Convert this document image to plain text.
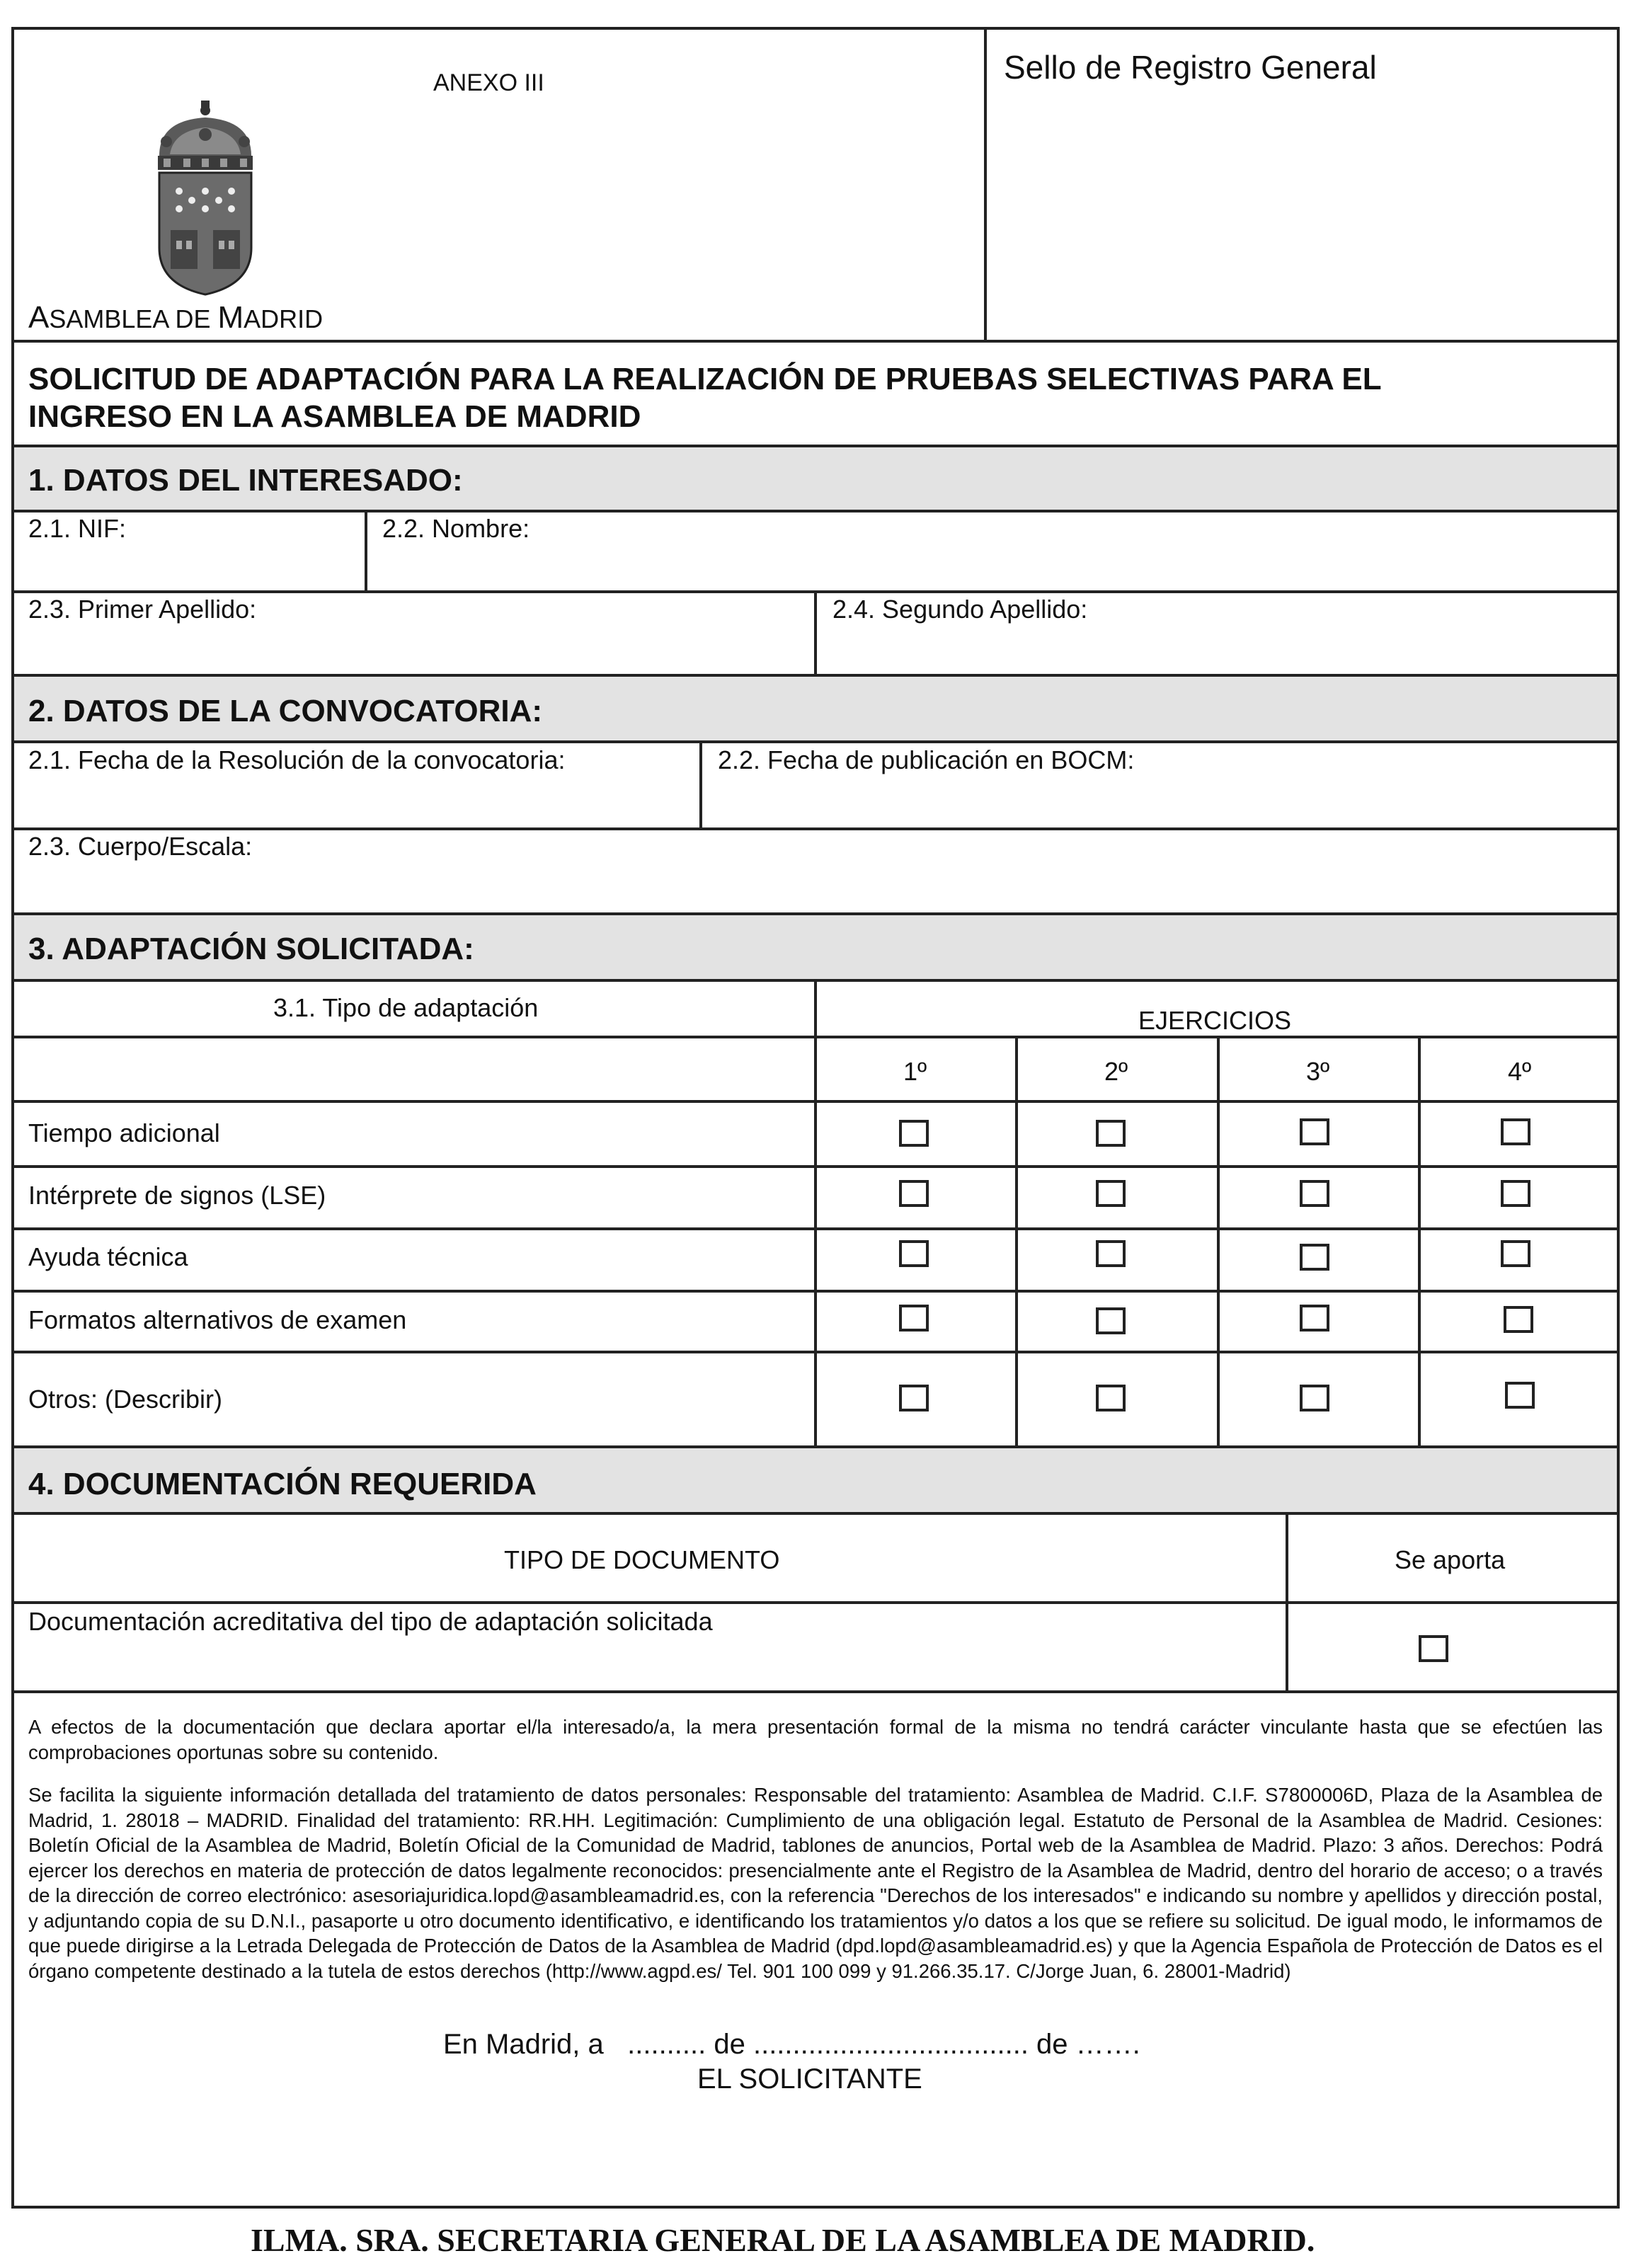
ANEXO III
ASAMBLEA DE MADRID
Sello de Registro General
SOLICITUD DE ADAPTACIÓN PARA LA REALIZACIÓN DE PRUEBAS SELECTIVAS PARA EL
INGRESO EN LA ASAMBLEA DE MADRID
1. DATOS DEL INTERESADO:
2.1. NIF:	2.2. Nombre:
2.3. Primer Apellido:	2.4. Segundo Apellido:
2. DATOS DE LA CONVOCATORIA:
2.1. Fecha de la Resolución de la convocatoria:	2.2. Fecha de publicación en BOCM:
2.3. Cuerpo/Escala:
3. ADAPTACIÓN SOLICITADA:
3.1. Tipo de adaptación	EJERCICIOS
1º	2º	3º	4º
Tiempo adicional
Intérprete de signos (LSE)
Ayuda técnica
Formatos alternativos de examen
Otros: (Describir)
4. DOCUMENTACIÓN REQUERIDA
TIPO DE DOCUMENTO	Se aporta
Documentación acreditativa del tipo de adaptación solicitada
A efectos de la documentación que declara aportar el/la interesado/a, la mera presentación formal de la misma no tendrá carácter vinculante hasta que se efectúen las comprobaciones oportunas sobre su contenido.
Se facilita la siguiente información detallada del tratamiento de datos personales: Responsable del tratamiento: Asamblea de Madrid. C.I.F. S7800006D, Plaza de la Asamblea de Madrid, 1. 28018 – MADRID. Finalidad del tratamiento: RR.HH. Legitimación: Cumplimiento de una obligación legal. Estatuto de Personal de la Asamblea de Madrid. Cesiones: Boletín Oficial de la Asamblea de Madrid, Boletín Oficial de la Comunidad de Madrid, tablones de anuncios, Portal web de la Asamblea de Madrid. Plazo: 3 años. Derechos: Podrá ejercer los derechos en materia de protección de datos legalmente reconocidos: presencialmente ante el Registro de la Asamblea de Madrid, dentro del horario de acceso; o a través de la dirección de correo electrónico: asesoriajuridica.lopd@asambleamadrid.es, con la referencia "Derechos de los interesados" e indicando su nombre y apellidos y dirección postal, y adjuntando copia de su D.N.I., pasaporte u otro documento identificativo, e identificando los tratamientos y/o datos a los que se refiere su solicitud. De igual modo, le informamos de que puede dirigirse a la Letrada Delegada de Protección de Datos de la Asamblea de Madrid (dpd.lopd@asambleamadrid.es) y que la Agencia Española de Protección de Datos es el órgano competente destinado a la tutela de estos derechos (http://www.agpd.es/ Tel. 901 100 099 y 91.266.35.17. C/Jorge Juan, 6. 28001-Madrid)
En Madrid, a   .......... de ................................... de …….
EL SOLICITANTE
ILMA. SRA. SECRETARIA GENERAL DE LA ASAMBLEA DE MADRID.
